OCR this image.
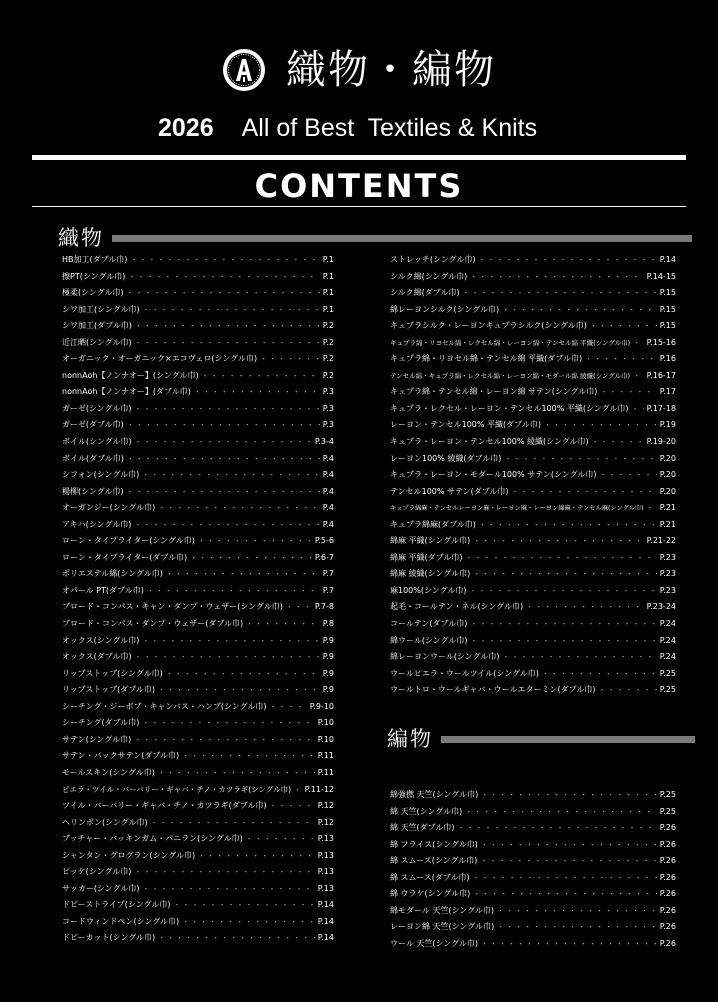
織物・編物
2026 All of Best  Textiles & Knits
CONTENTS
織物
HB加工(ダブル巾) ・・・・・・・・・・・・・・・・・・・・・・・・・・・・・・・・・・・・・・・・・・・・・・・・・・・・・・・・・・・・・・・・・・・・・・・・・・・・・・・・・・・・・・・・・・・・・・・	P.1
擦PT(シングル巾) ・・・・・・・・・・・・・・・・・・・・・・・・・・・・・・・・・・・・・・・・・・・・・・・・・・・・・・・・・・・・・・・・・・・・・・・・・・・・・・・・・・・・・・・・・・・・・・・	P.1
極柔(シングル巾) ・・・・・・・・・・・・・・・・・・・・・・・・・・・・・・・・・・・・・・・・・・・・・・・・・・・・・・・・・・・・・・・・・・・・・・・・・・・・・・・・・・・・・・・・・・・・・・・	P.1
シワ加工(シングル巾) ・・・・・・・・・・・・・・・・・・・・・・・・・・・・・・・・・・・・・・・・・・・・・・・・・・・・・・・・・・・・・・・・・・・・・・・・・・・・・・・・・・・・・・・・・・・・・・・	P.1
シワ加工(ダブル巾) ・・・・・・・・・・・・・・・・・・・・・・・・・・・・・・・・・・・・・・・・・・・・・・・・・・・・・・・・・・・・・・・・・・・・・・・・・・・・・・・・・・・・・・・・・・・・・・・	P.2
近江晒(シングル巾) ・・・・・・・・・・・・・・・・・・・・・・・・・・・・・・・・・・・・・・・・・・・・・・・・・・・・・・・・・・・・・・・・・・・・・・・・・・・・・・・・・・・・・・・・・・・・・・・	P.2
オーガニック・オーガニック×エコヴェロ(シングル巾) ・・・・・・・・・・・・・・・・・・・・・・・・・・・・・・・・・・・・・・・・・・・・・・・・・・・・・・・・・・・・・・・・・・・・・・・・・・・・・・・・・・・・・・・・・・・・・・・	P.2
nonnAoh【ノンナオー】(シングル巾) ・・・・・・・・・・・・・・・・・・・・・・・・・・・・・・・・・・・・・・・・・・・・・・・・・・・・・・・・・・・・・・・・・・・・・・・・・・・・・・・・・・・・・・・・・・・・・・・	P.2
nonnAoh【ノンナオー】(ダブル巾) ・・・・・・・・・・・・・・・・・・・・・・・・・・・・・・・・・・・・・・・・・・・・・・・・・・・・・・・・・・・・・・・・・・・・・・・・・・・・・・・・・・・・・・・・・・・・・・・	P.3
ガーゼ(シングル巾) ・・・・・・・・・・・・・・・・・・・・・・・・・・・・・・・・・・・・・・・・・・・・・・・・・・・・・・・・・・・・・・・・・・・・・・・・・・・・・・・・・・・・・・・・・・・・・・・	P.3
ガーゼ(ダブル巾) ・・・・・・・・・・・・・・・・・・・・・・・・・・・・・・・・・・・・・・・・・・・・・・・・・・・・・・・・・・・・・・・・・・・・・・・・・・・・・・・・・・・・・・・・・・・・・・・	P.3
ボイル(シングル巾) ・・・・・・・・・・・・・・・・・・・・・・・・・・・・・・・・・・・・・・・・・・・・・・・・・・・・・・・・・・・・・・・・・・・・・・・・・・・・・・・・・・・・・・・・・・・・・・・	P.3-4
ボイル(ダブル巾) ・・・・・・・・・・・・・・・・・・・・・・・・・・・・・・・・・・・・・・・・・・・・・・・・・・・・・・・・・・・・・・・・・・・・・・・・・・・・・・・・・・・・・・・・・・・・・・・	P.4
シフォン(シングル巾) ・・・・・・・・・・・・・・・・・・・・・・・・・・・・・・・・・・・・・・・・・・・・・・・・・・・・・・・・・・・・・・・・・・・・・・・・・・・・・・・・・・・・・・・・・・・・・・・	P.4
楊柳(シングル巾) ・・・・・・・・・・・・・・・・・・・・・・・・・・・・・・・・・・・・・・・・・・・・・・・・・・・・・・・・・・・・・・・・・・・・・・・・・・・・・・・・・・・・・・・・・・・・・・・	P.4
オーガンジー(シングル巾) ・・・・・・・・・・・・・・・・・・・・・・・・・・・・・・・・・・・・・・・・・・・・・・・・・・・・・・・・・・・・・・・・・・・・・・・・・・・・・・・・・・・・・・・・・・・・・・・	P.4
アキハ(シングル巾) ・・・・・・・・・・・・・・・・・・・・・・・・・・・・・・・・・・・・・・・・・・・・・・・・・・・・・・・・・・・・・・・・・・・・・・・・・・・・・・・・・・・・・・・・・・・・・・・	P.4
ローン・タイプライター(シングル巾) ・・・・・・・・・・・・・・・・・・・・・・・・・・・・・・・・・・・・・・・・・・・・・・・・・・・・・・・・・・・・・・・・・・・・・・・・・・・・・・・・・・・・・・・・・・・・・・・	P.5-6
ローン・タイプライター(ダブル巾) ・・・・・・・・・・・・・・・・・・・・・・・・・・・・・・・・・・・・・・・・・・・・・・・・・・・・・・・・・・・・・・・・・・・・・・・・・・・・・・・・・・・・・・・・・・・・・・・	P.6-7
ポリエステル綿(シングル巾) ・・・・・・・・・・・・・・・・・・・・・・・・・・・・・・・・・・・・・・・・・・・・・・・・・・・・・・・・・・・・・・・・・・・・・・・・・・・・・・・・・・・・・・・・・・・・・・・	P.7
オパール PT(ダブル巾) ・・・・・・・・・・・・・・・・・・・・・・・・・・・・・・・・・・・・・・・・・・・・・・・・・・・・・・・・・・・・・・・・・・・・・・・・・・・・・・・・・・・・・・・・・・・・・・・	P.7
ブロード・コンパス・キャン・ダンプ・ウェザー(シングル巾) ・・・・・・・・・・・・・・・・・・・・・・・・・・・・・・・・・・・・・・・・・・・・・・・・・・・・・・・・・・・・・・・・・・・・・・・・・・・・・・・・・・・・・・・・・・・・・・・	P.7-8
ブロード・コンパス・ダンプ・ウェザー(ダブル巾) ・・・・・・・・・・・・・・・・・・・・・・・・・・・・・・・・・・・・・・・・・・・・・・・・・・・・・・・・・・・・・・・・・・・・・・・・・・・・・・・・・・・・・・・・・・・・・・・	P.8
オックス(シングル巾) ・・・・・・・・・・・・・・・・・・・・・・・・・・・・・・・・・・・・・・・・・・・・・・・・・・・・・・・・・・・・・・・・・・・・・・・・・・・・・・・・・・・・・・・・・・・・・・・	P.9
オックス(ダブル巾) ・・・・・・・・・・・・・・・・・・・・・・・・・・・・・・・・・・・・・・・・・・・・・・・・・・・・・・・・・・・・・・・・・・・・・・・・・・・・・・・・・・・・・・・・・・・・・・・	P.9
リップストップ(シングル巾) ・・・・・・・・・・・・・・・・・・・・・・・・・・・・・・・・・・・・・・・・・・・・・・・・・・・・・・・・・・・・・・・・・・・・・・・・・・・・・・・・・・・・・・・・・・・・・・・	P.9
リップストップ(ダブル巾) ・・・・・・・・・・・・・・・・・・・・・・・・・・・・・・・・・・・・・・・・・・・・・・・・・・・・・・・・・・・・・・・・・・・・・・・・・・・・・・・・・・・・・・・・・・・・・・・	P.9
シーチング・ジーボブ・キャンバス・ハンプ(シングル巾) ・・・・・・・・・・・・・・・・・・・・・・・・・・・・・・・・・・・・・・・・・・・・・・・・・・・・・・・・・・・・・・・・・・・・・・・・・・・・・・・・・・・・・・・・・・・・・・・	P.9-10
シーチング(ダブル巾) ・・・・・・・・・・・・・・・・・・・・・・・・・・・・・・・・・・・・・・・・・・・・・・・・・・・・・・・・・・・・・・・・・・・・・・・・・・・・・・・・・・・・・・・・・・・・・・・	P.10
サテン(シングル巾) ・・・・・・・・・・・・・・・・・・・・・・・・・・・・・・・・・・・・・・・・・・・・・・・・・・・・・・・・・・・・・・・・・・・・・・・・・・・・・・・・・・・・・・・・・・・・・・・	P.10
サテン・バックサテン(ダブル巾) ・・・・・・・・・・・・・・・・・・・・・・・・・・・・・・・・・・・・・・・・・・・・・・・・・・・・・・・・・・・・・・・・・・・・・・・・・・・・・・・・・・・・・・・・・・・・・・・	P.11
モールスキン(シングル巾) ・・・・・・・・・・・・・・・・・・・・・・・・・・・・・・・・・・・・・・・・・・・・・・・・・・・・・・・・・・・・・・・・・・・・・・・・・・・・・・・・・・・・・・・・・・・・・・・	P.11
ピエラ・ツイル・バーバリー・ギャバ・チノ・カツラギ(シングル巾) ・・・・・・・・・・・・・・・・・・・・・・・・・・・・・・・・・・・・・・・・・・・・・・・・・・・・・・・・・・・・・・・・・・・・・・・・・・・・・・・・・・・・・・・・・・・・・・・ P.11-12
ツイル・バーバリー・ギャバ・チノ・カツラギ(ダブル巾) ・・・・・・・・・・・・・・・・・・・・・・・・・・・・・・・・・・・・・・・・・・・・・・・・・・・・・・・・・・・・・・・・・・・・・・・・・・・・・・・・・・・・・・・・・・・・・・・	P.12
ヘリンボン(シングル巾) ・・・・・・・・・・・・・・・・・・・・・・・・・・・・・・・・・・・・・・・・・・・・・・・・・・・・・・・・・・・・・・・・・・・・・・・・・・・・・・・・・・・・・・・・・・・・・・・	P.12
ブッチャー・バッキンガム・パニラン(シングル巾) ・・・・・・・・・・・・・・・・・・・・・・・・・・・・・・・・・・・・・・・・・・・・・・・・・・・・・・・・・・・・・・・・・・・・・・・・・・・・・・・・・・・・・・・・・・・・・・・	P.13
シャンタン・グログラン(シングル巾) ・・・・・・・・・・・・・・・・・・・・・・・・・・・・・・・・・・・・・・・・・・・・・・・・・・・・・・・・・・・・・・・・・・・・・・・・・・・・・・・・・・・・・・・・・・・・・・・	P.13
ピッケ(シングル巾) ・・・・・・・・・・・・・・・・・・・・・・・・・・・・・・・・・・・・・・・・・・・・・・・・・・・・・・・・・・・・・・・・・・・・・・・・・・・・・・・・・・・・・・・・・・・・・・・	P.13
サッカー(シングル巾) ・・・・・・・・・・・・・・・・・・・・・・・・・・・・・・・・・・・・・・・・・・・・・・・・・・・・・・・・・・・・・・・・・・・・・・・・・・・・・・・・・・・・・・・・・・・・・・・	P.13
ドビーストライプ(シングル巾) ・・・・・・・・・・・・・・・・・・・・・・・・・・・・・・・・・・・・・・・・・・・・・・・・・・・・・・・・・・・・・・・・・・・・・・・・・・・・・・・・・・・・・・・・・・・・・・・	P.14
コードウィンドペン(シングル巾) ・・・・・・・・・・・・・・・・・・・・・・・・・・・・・・・・・・・・・・・・・・・・・・・・・・・・・・・・・・・・・・・・・・・・・・・・・・・・・・・・・・・・・・・・・・・・・・・	P.14
ドビーカット(シングル巾) ・・・・・・・・・・・・・・・・・・・・・・・・・・・・・・・・・・・・・・・・・・・・・・・・・・・・・・・・・・・・・・・・・・・・・・・・・・・・・・・・・・・・・・・・・・・・・・・	P.14
ストレッチ(シングル巾) ・・・・・・・・・・・・・・・・・・・・・・・・・・・・・・・・・・・・・・・・・・・・・・・・・・・・・・・・・・・・・・・・・・・・・・・・・・・・・・・・・・・・・・・・・・・・・・・	P.14
シルク綿(シングル巾) ・・・・・・・・・・・・・・・・・・・・・・・・・・・・・・・・・・・・・・・・・・・・・・・・・・・・・・・・・・・・・・・・・・・・・・・・・・・・・・・・・・・・・・・・・・・・・・・	P.14-15
シルク綿(ダブル巾) ・・・・・・・・・・・・・・・・・・・・・・・・・・・・・・・・・・・・・・・・・・・・・・・・・・・・・・・・・・・・・・・・・・・・・・・・・・・・・・・・・・・・・・・・・・・・・・・	P.15
綿レーヨンシルク(シングル巾) ・・・・・・・・・・・・・・・・・・・・・・・・・・・・・・・・・・・・・・・・・・・・・・・・・・・・・・・・・・・・・・・・・・・・・・・・・・・・・・・・・・・・・・・・・・・・・・・	P.15
キュプラシルク・レーヨンキュプラシルク(シングル巾) ・・・・・・・・・・・・・・・・・・・・・・・・・・・・・・・・・・・・・・・・・・・・・・・・・・・・・・・・・・・・・・・・・・・・・・・・・・・・・・・・・・・・・・・・・・・・・・・	P.15
キュプラ綿・リヨセル綿・レクセル綿・レーヨン綿・テンセル綿 平織(シングル巾) ・・・・・・・・・・・・・・・・・・・・・・・・・・・・・・・・・・・・・・・・・・・・・・・・・・・・・・・・・・・・・・・・・・・・・・・・・・・・・・・・・・・・・・・・・・・・・・・ P.15-16
キュプラ綿・リヨセル綿・テンセル綿 平織(ダブル巾) ・・・・・・・・・・・・・・・・・・・・・・・・・・・・・・・・・・・・・・・・・・・・・・・・・・・・・・・・・・・・・・・・・・・・・・・・・・・・・・・・・・・・・・・・・・・・・・・	P.16
テンセル綿・キュプラ綿・レクセル綿・レーヨン綿・モダール綿 綾織(シングル巾) ・・・・・・・・・・・・・・・・・・・・・・・・・・・・・・・・・・・・・・・・・・・・・・・・・・・・・・・・・・・・・・・・・・・・・・・・・・・・・・・・・・・・・・・・・・・・・・・ P.16-17
キュプラ綿・テンセル綿・レーヨン綿 サテン(シングル巾) ・・・・・・・・・・・・・・・・・・・・・・・・・・・・・・・・・・・・・・・・・・・・・・・・・・・・・・・・・・・・・・・・・・・・・・・・・・・・・・・・・・・・・・・・・・・・・・・	P.17
キュプラ・レクセル・レーヨン・テンセル100% 平織(シングル巾) ・・・・・・・・・・・・・・・・・・・・・・・・・・・・・・・・・・・・・・・・・・・・・・・・・・・・・・・・・・・・・・・・・・・・・・・・・・・・・・・・・・・・・・・・・・・・・・・ P.17-18
レーヨン・テンセル100% 平織(ダブル巾) ・・・・・・・・・・・・・・・・・・・・・・・・・・・・・・・・・・・・・・・・・・・・・・・・・・・・・・・・・・・・・・・・・・・・・・・・・・・・・・・・・・・・・・・・・・・・・・・	P.19
キュプラ・レーヨン・テンセル100% 綾織(シングル巾) ・・・・・・・・・・・・・・・・・・・・・・・・・・・・・・・・・・・・・・・・・・・・・・・・・・・・・・・・・・・・・・・・・・・・・・・・・・・・・・・・・・・・・・・・・・・・・・・	P.19-20
レーヨン100% 綾織(ダブル巾) ・・・・・・・・・・・・・・・・・・・・・・・・・・・・・・・・・・・・・・・・・・・・・・・・・・・・・・・・・・・・・・・・・・・・・・・・・・・・・・・・・・・・・・・・・・・・・・・	P.20
キュプラ・レーヨン・モダール100% サテン(シングル巾) ・・・・・・・・・・・・・・・・・・・・・・・・・・・・・・・・・・・・・・・・・・・・・・・・・・・・・・・・・・・・・・・・・・・・・・・・・・・・・・・・・・・・・・・・・・・・・・・	P.20
テンセル100% サテン(ダブル巾) ・・・・・・・・・・・・・・・・・・・・・・・・・・・・・・・・・・・・・・・・・・・・・・・・・・・・・・・・・・・・・・・・・・・・・・・・・・・・・・・・・・・・・・・・・・・・・・・	P.20
キュプラ綿麻・テンセルレーヨン麻・レーヨン麻・レーヨン綿麻・テンセル麻(シングル巾) ・・・・・・・・・・・・・・・・・・・・・・・・・・・・・・・・・・・・・・・・・・・・・・・・・・・・・・・・・・・・・・・・・・・・・・・・・・・・・・・・・・・・・・・・・・・・・・・ P.21
キュプラ綿麻(ダブル巾) ・・・・・・・・・・・・・・・・・・・・・・・・・・・・・・・・・・・・・・・・・・・・・・・・・・・・・・・・・・・・・・・・・・・・・・・・・・・・・・・・・・・・・・・・・・・・・・・	P.21
綿麻 平織(シングル巾) ・・・・・・・・・・・・・・・・・・・・・・・・・・・・・・・・・・・・・・・・・・・・・・・・・・・・・・・・・・・・・・・・・・・・・・・・・・・・・・・・・・・・・・・・・・・・・・・	P.21-22
綿麻 平織(ダブル巾) ・・・・・・・・・・・・・・・・・・・・・・・・・・・・・・・・・・・・・・・・・・・・・・・・・・・・・・・・・・・・・・・・・・・・・・・・・・・・・・・・・・・・・・・・・・・・・・・	P.23
綿麻 綾織(シングル巾) ・・・・・・・・・・・・・・・・・・・・・・・・・・・・・・・・・・・・・・・・・・・・・・・・・・・・・・・・・・・・・・・・・・・・・・・・・・・・・・・・・・・・・・・・・・・・・・・	P.23
麻100%(シングル巾) ・・・・・・・・・・・・・・・・・・・・・・・・・・・・・・・・・・・・・・・・・・・・・・・・・・・・・・・・・・・・・・・・・・・・・・・・・・・・・・・・・・・・・・・・・・・・・・・	P.23
起毛・コールテン・ネル(シングル巾) ・・・・・・・・・・・・・・・・・・・・・・・・・・・・・・・・・・・・・・・・・・・・・・・・・・・・・・・・・・・・・・・・・・・・・・・・・・・・・・・・・・・・・・・・・・・・・・・	P.23-24
コールテン(ダブル巾) ・・・・・・・・・・・・・・・・・・・・・・・・・・・・・・・・・・・・・・・・・・・・・・・・・・・・・・・・・・・・・・・・・・・・・・・・・・・・・・・・・・・・・・・・・・・・・・・	P.24
綿ウール(シングル巾) ・・・・・・・・・・・・・・・・・・・・・・・・・・・・・・・・・・・・・・・・・・・・・・・・・・・・・・・・・・・・・・・・・・・・・・・・・・・・・・・・・・・・・・・・・・・・・・・	P.24
綿レーヨンウール(シングル巾) ・・・・・・・・・・・・・・・・・・・・・・・・・・・・・・・・・・・・・・・・・・・・・・・・・・・・・・・・・・・・・・・・・・・・・・・・・・・・・・・・・・・・・・・・・・・・・・・	P.24
ウールピエラ・ウールツイル(シングル巾) ・・・・・・・・・・・・・・・・・・・・・・・・・・・・・・・・・・・・・・・・・・・・・・・・・・・・・・・・・・・・・・・・・・・・・・・・・・・・・・・・・・・・・・・・・・・・・・・	P.25
ウールトロ・ウールギャバ・ウールエターミン(ダブル巾) ・・・・・・・・・・・・・・・・・・・・・・・・・・・・・・・・・・・・・・・・・・・・・・・・・・・・・・・・・・・・・・・・・・・・・・・・・・・・・・・・・・・・・・・・・・・・・・・	P.25
編物
綿強撚 天竺(シングル巾) ・・・・・・・・・・・・・・・・・・・・・・・・・・・・・・・・・・・・・・・・・・・・・・・・・・・・・・・・・・・・・・・・・・・・・・・・・・・・・・・・・・・・・・・・・・・・・・・	P.25
綿 天竺(シングル巾) ・・・・・・・・・・・・・・・・・・・・・・・・・・・・・・・・・・・・・・・・・・・・・・・・・・・・・・・・・・・・・・・・・・・・・・・・・・・・・・・・・・・・・・・・・・・・・・・	P.25
綿 天竺(ダブル巾) ・・・・・・・・・・・・・・・・・・・・・・・・・・・・・・・・・・・・・・・・・・・・・・・・・・・・・・・・・・・・・・・・・・・・・・・・・・・・・・・・・・・・・・・・・・・・・・・	P.26
綿 フライス(シングル巾) ・・・・・・・・・・・・・・・・・・・・・・・・・・・・・・・・・・・・・・・・・・・・・・・・・・・・・・・・・・・・・・・・・・・・・・・・・・・・・・・・・・・・・・・・・・・・・・・	P.26
綿 スムース(シングル巾) ・・・・・・・・・・・・・・・・・・・・・・・・・・・・・・・・・・・・・・・・・・・・・・・・・・・・・・・・・・・・・・・・・・・・・・・・・・・・・・・・・・・・・・・・・・・・・・・	P.26
綿 スムース(ダブル巾) ・・・・・・・・・・・・・・・・・・・・・・・・・・・・・・・・・・・・・・・・・・・・・・・・・・・・・・・・・・・・・・・・・・・・・・・・・・・・・・・・・・・・・・・・・・・・・・・	P.26
綿 ウラケ(シングル巾) ・・・・・・・・・・・・・・・・・・・・・・・・・・・・・・・・・・・・・・・・・・・・・・・・・・・・・・・・・・・・・・・・・・・・・・・・・・・・・・・・・・・・・・・・・・・・・・・	P.26
綿モダール 天竺(シングル巾) ・・・・・・・・・・・・・・・・・・・・・・・・・・・・・・・・・・・・・・・・・・・・・・・・・・・・・・・・・・・・・・・・・・・・・・・・・・・・・・・・・・・・・・・・・・・・・・・	P.26
レーヨン綿 天竺(シングル巾) ・・・・・・・・・・・・・・・・・・・・・・・・・・・・・・・・・・・・・・・・・・・・・・・・・・・・・・・・・・・・・・・・・・・・・・・・・・・・・・・・・・・・・・・・・・・・・・・	P.26
ウール 天竺(シングル巾) ・・・・・・・・・・・・・・・・・・・・・・・・・・・・・・・・・・・・・・・・・・・・・・・・・・・・・・・・・・・・・・・・・・・・・・・・・・・・・・・・・・・・・・・・・・・・・・・	P.26
